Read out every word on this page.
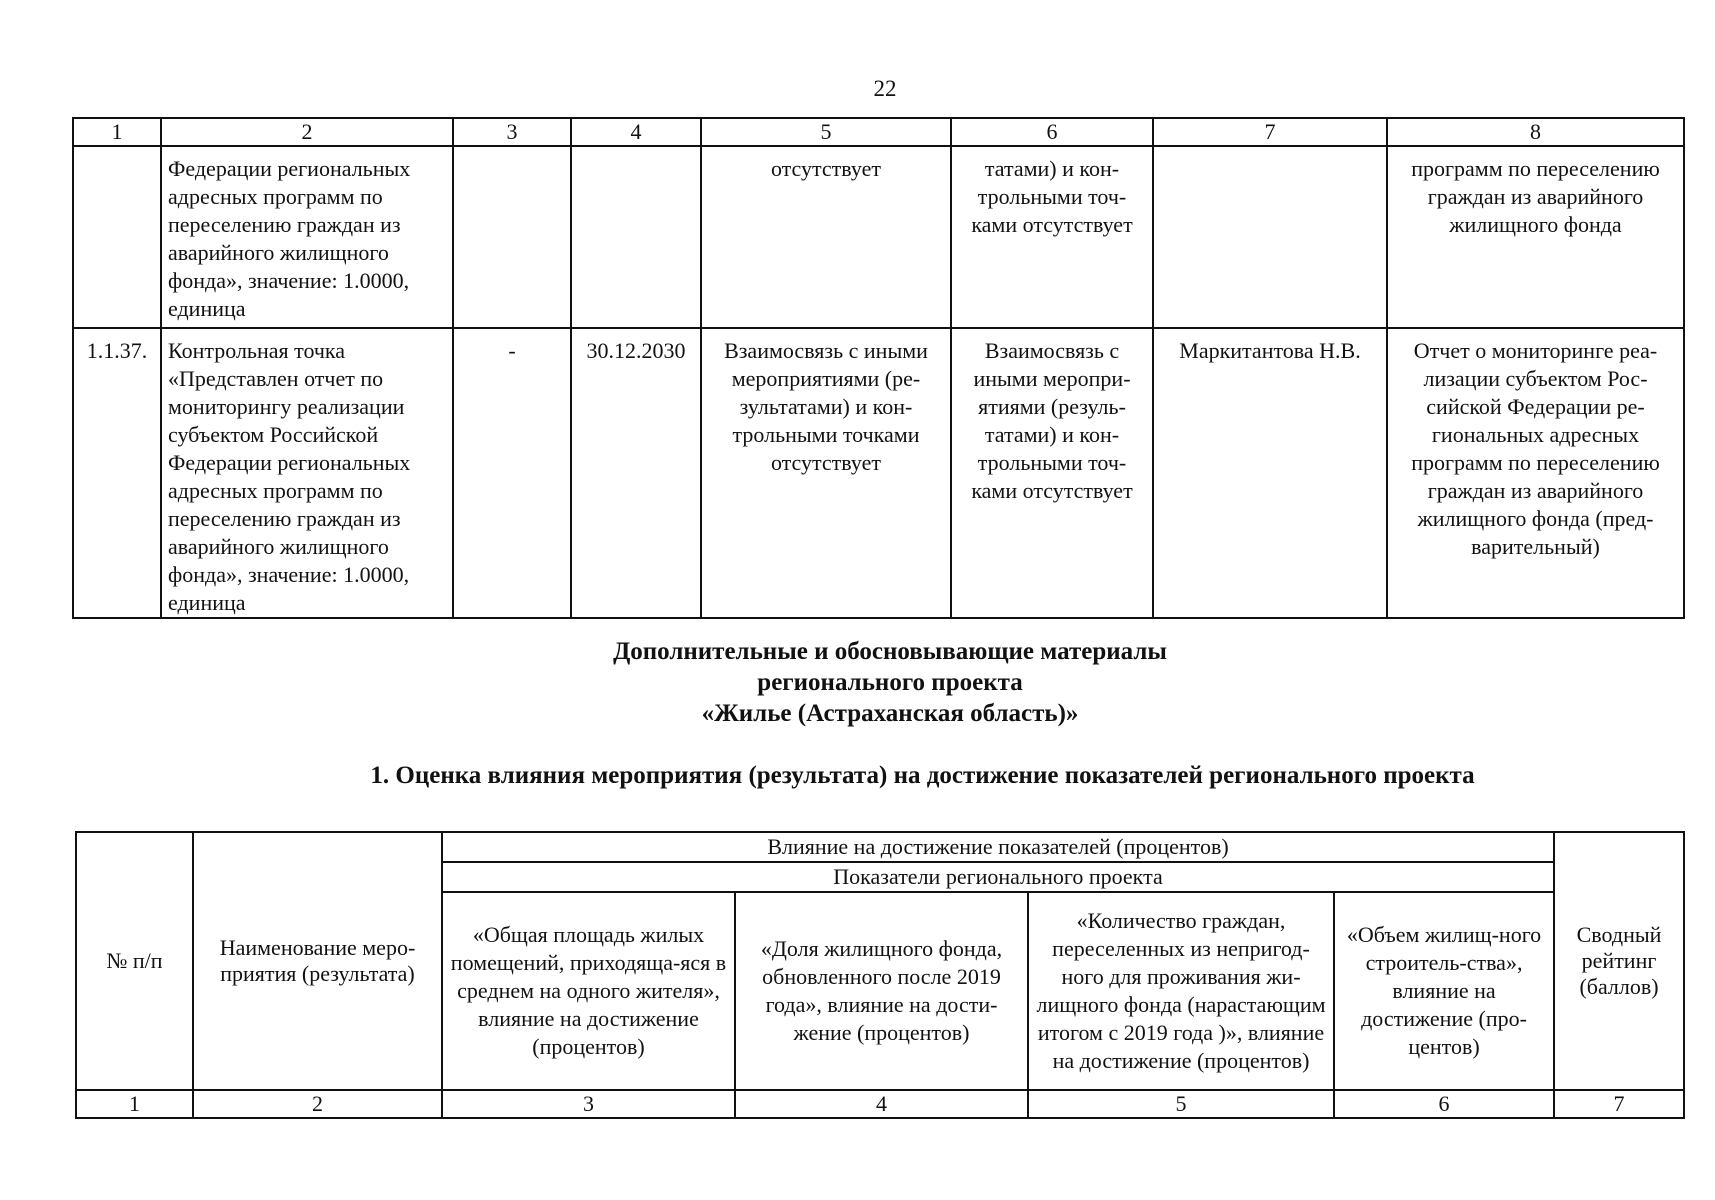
22
1	2	3	4	5	6	7	8
	Федерации региональных адресных программ по переселению граждан из аварийного жилищного фонда», значение: 1.0000, единица			отсутствует	татами) и кон-трольными точ-ками отсутствует		программ по переселению граждан из аварийного жилищного фонда
1.1.37.	Контрольная точка «Представлен отчет по мониторингу реализации субъектом Российской Федерации региональных адресных программ по переселению граждан из аварийного жилищного фонда», значение: 1.0000, единица	-	30.12.2030	Взаимосвязь с иными мероприятиями (ре-зультатами) и кон-трольными точками отсутствует	Взаимосвязь с иными меропри-ятиями (резуль-татами) и кон-трольными точ-ками отсутствует	Маркитантова Н.В.	Отчет о мониторинге реа-лизации субъектом Рос-сийской Федерации ре-гиональных адресных программ по переселению граждан из аварийного жилищного фонда (пред-варительный)
Дополнительные и обосновывающие материалы
регионального проекта
«Жилье (Астраханская область)»
1. Оценка влияния мероприятия (результата) на достижение показателей регионального проекта
№ п/п	Наименование меро-приятия (результата)	Влияние на достижение показателей (процентов)				Сводный рейтинг (баллов)
		Показатели регионального проекта				
		«Общая площадь жилых помещений, приходяща-яся в среднем на одного жителя», влияние на достижение (процентов)	«Доля жилищного фонда, обновленного после 2019 года», влияние на дости-жение (процентов)	«Количество граждан, переселенных из непригод-ного для проживания жи-лищного фонда (нарастающим итогом с 2019 года )», влияние на достижение (процентов)	«Объем жилищ-ного строитель-ства», влияние на достижение (про-центов)	
1	2	3	4	5	6	7
